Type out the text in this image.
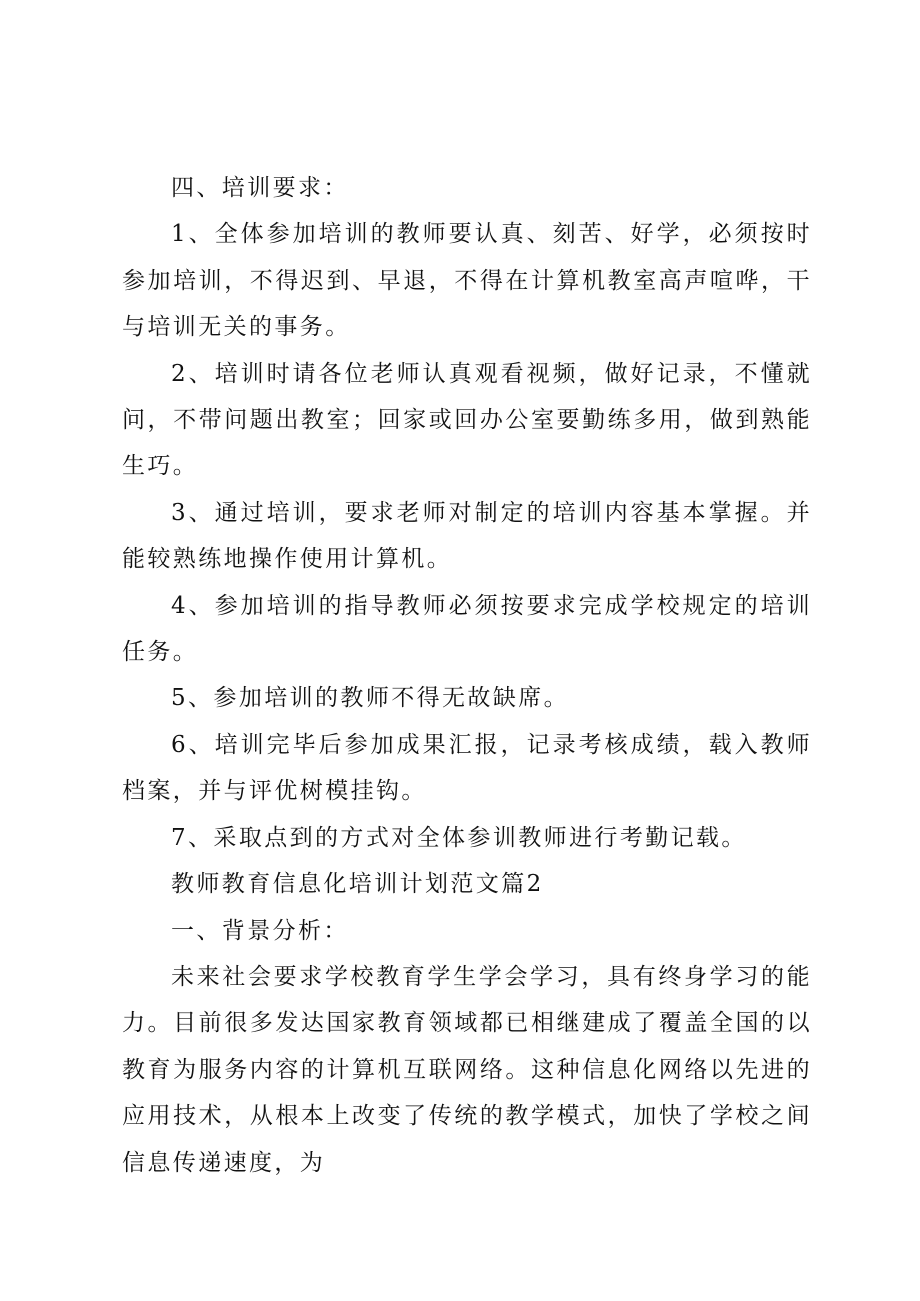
四、培训要求：

1、全体参加培训的教师要认真、刻苦、好学，必须按时参加培训，不得迟到、早退，不得在计算机教室高声喧哗，干与培训无关的事务。

2、培训时请各位老师认真观看视频，做好记录，不懂就问，不带问题出教室；回家或回办公室要勤练多用，做到熟能生巧。

3、通过培训，要求老师对制定的培训内容基本掌握。并能较熟练地操作使用计算机。

4、参加培训的指导教师必须按要求完成学校规定的培训任务。

5、参加培训的教师不得无故缺席。

6、培训完毕后参加成果汇报，记录考核成绩，载入教师档案，并与评优树模挂钩。

7、采取点到的方式对全体参训教师进行考勤记载。

教师教育信息化培训计划范文篇2

一、背景分析：

未来社会要求学校教育学生学会学习，具有终身学习的能力。目前很多发达国家教育领域都已相继建成了覆盖全国的以教育为服务内容的计算机互联网络。这种信息化网络以先进的应用技术，从根本上改变了传统的教学模式，加快了学校之间信息传递速度，为
